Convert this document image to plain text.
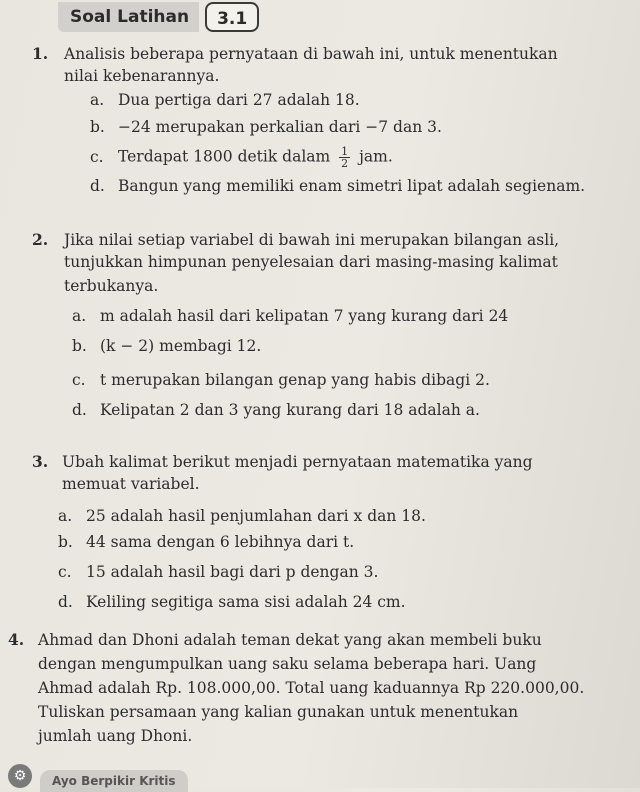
Soal Latihan	3.1
1. Analisis beberapa pernyataan di bawah ini, untuk menentukan
nilai kebenarannya.
a. Dua pertiga dari 27 adalah 18.
b. −24 merupakan perkalian dari −7 dan 3.
c. Terdapat 1800 detik dalam $\frac{1}{2}$ jam.
d. Bangun yang memiliki enam simetri lipat adalah segienam.
2. Jika nilai setiap variabel di bawah ini merupakan bilangan asli,
tunjukkan himpunan penyelesaian dari masing-masing kalimat
terbukanya.
a. m adalah hasil dari kelipatan 7 yang kurang dari 24
b. (k − 2) membagi 12.
c. t merupakan bilangan genap yang habis dibagi 2.
d. Kelipatan 2 dan 3 yang kurang dari 18 adalah a.
3. Ubah kalimat berikut menjadi pernyataan matematika yang
memuat variabel.
a. 25 adalah hasil penjumlahan dari x dan 18.
b. 44 sama dengan 6 lebihnya dari t.
c. 15 adalah hasil bagi dari p dengan 3.
d. Keliling segitiga sama sisi adalah 24 cm.
4. Ahmad dan Dhoni adalah teman dekat yang akan membeli buku
dengan mengumpulkan uang saku selama beberapa hari. Uang
Ahmad adalah Rp. 108.000,00. Total uang kaduannya Rp 220.000,00.
Tuliskan persamaan yang kalian gunakan untuk menentukan
jumlah uang Dhoni.
⚙	Ayo Berpikir Kritis
